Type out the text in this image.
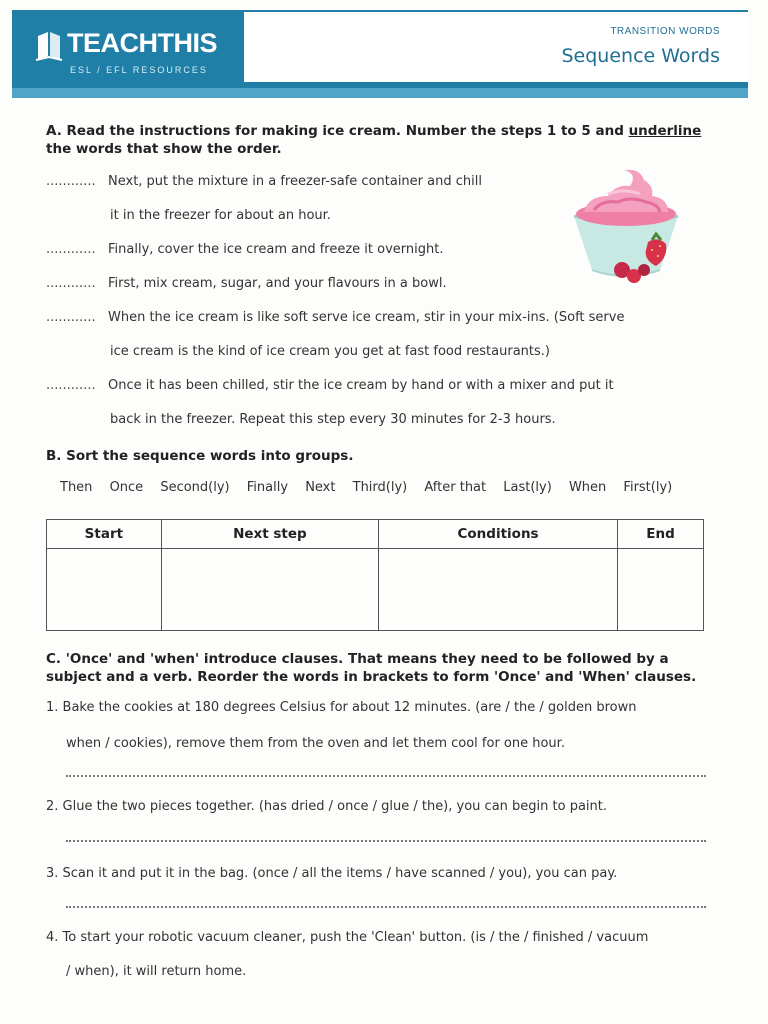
TEACHTHIS
ESL / EFL RESOURCES
TRANSITION WORDS
Sequence Words
A. Read the instructions for making ice cream. Number the steps 1 to 5 and underline
the words that show the order.
............ Next, put the mixture in a freezer-safe container and chill
it in the freezer for about an hour.
............ Finally, cover the ice cream and freeze it overnight.
............ First, mix cream, sugar, and your flavours in a bowl.
............ When the ice cream is like soft serve ice cream, stir in your mix-ins. (Soft serve
ice cream is the kind of ice cream you get at fast food restaurants.)
............ Once it has been chilled, stir the ice cream by hand or with a mixer and put it
back in the freezer. Repeat this step every 30 minutes for 2-3 hours.
B. Sort the sequence words into groups.
Then Once Second(ly) Finally Next Third(ly) After that Last(ly) When First(ly)
Start	Next step	Conditions	End

C. 'Once' and 'when' introduce clauses. That means they need to be followed by a
subject and a verb. Reorder the words in brackets to form 'Once' and 'When' clauses.
1. Bake the cookies at 180 degrees Celsius for about 12 minutes. (are / the / golden brown
when / cookies), remove them from the oven and let them cool for one hour.
2. Glue the two pieces together. (has dried / once / glue / the), you can begin to paint.
3. Scan it and put it in the bag. (once / all the items / have scanned / you), you can pay.
4. To start your robotic vacuum cleaner, push the 'Clean' button. (is / the / finished / vacuum
/ when), it will return home.
